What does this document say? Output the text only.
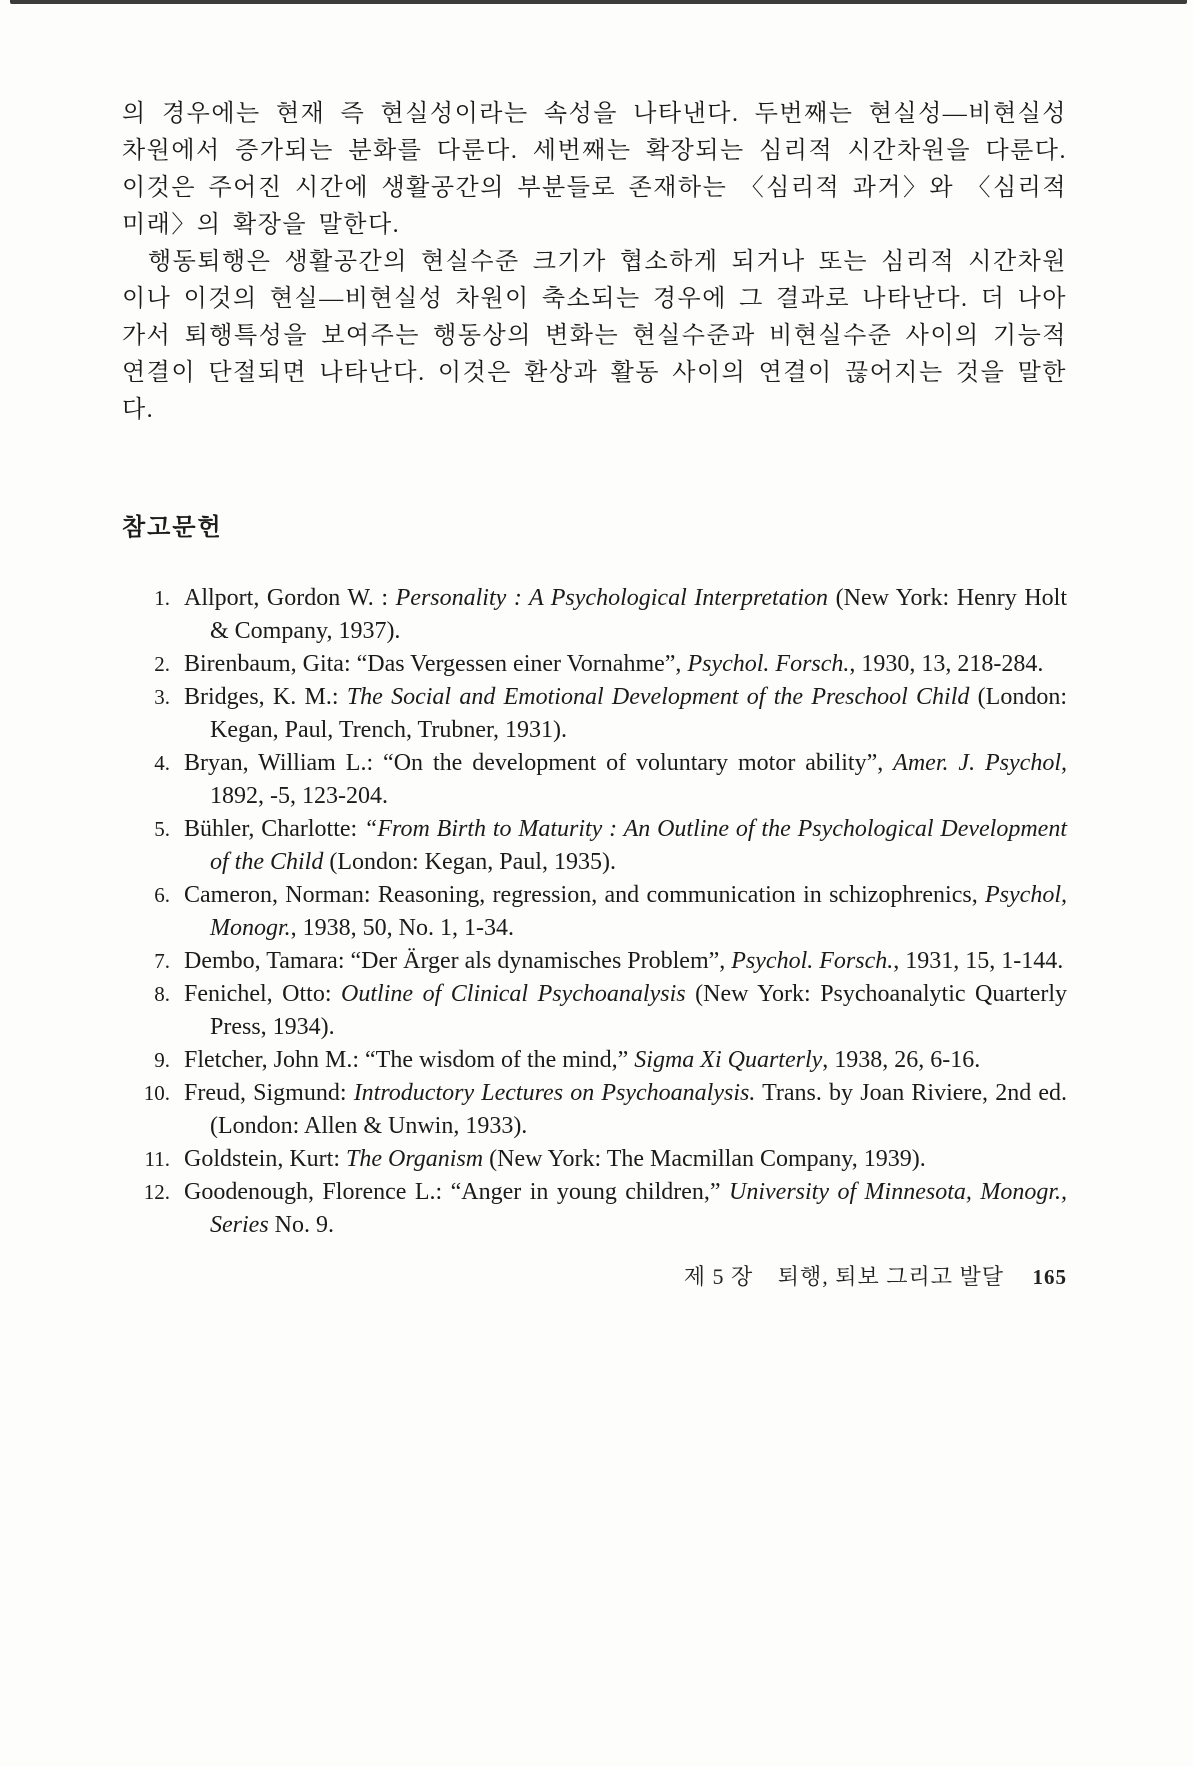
의 경우에는 현재 즉 현실성이라는 속성을 나타낸다. 두번째는 현실성—비현실성 차원에서 증가되는 분화를 다룬다. 세번째는 확장되는 심리적 시간차원을 다룬다. 이것은 주어진 시간에 생활공간의 부분들로 존재하는 〈심리적 과거〉와 〈심리적 미래〉의 확장을 말한다.

행동퇴행은 생활공간의 현실수준 크기가 협소하게 되거나 또는 심리적 시간차원이나 이것의 현실—비현실성 차원이 축소되는 경우에 그 결과로 나타난다. 더 나아가서 퇴행특성을 보여주는 행동상의 변화는 현실수준과 비현실수준 사이의 기능적 연결이 단절되면 나타난다. 이것은 환상과 활동 사이의 연결이 끊어지는 것을 말한다.

참고문헌
1. Allport, Gordon W. : Personality : A Psychological Interpretation (New York: Henry Holt & Company, 1937).
2. Birenbaum, Gita: “Das Vergessen einer Vornahme”, Psychol. Forsch., 1930, 13, 218-284.
3. Bridges, K. M.: The Social and Emotional Development of the Preschool Child (London: Kegan, Paul, Trench, Trubner, 1931).
4. Bryan, William L.: “On the development of voluntary motor ability”, Amer. J. Psychol, 1892, -5, 123-204.
5. Bühler, Charlotte: “From Birth to Maturity : An Outline of the Psychological Development of the Child (London: Kegan, Paul, 1935).
6. Cameron, Norman: Reasoning, regression, and communication in schizophrenics, Psychol, Monogr., 1938, 50, No. 1, 1-34.
7. Dembo, Tamara: “Der Ärger als dynamisches Problem”, Psychol. Forsch., 1931, 15, 1-144.
8. Fenichel, Otto: Outline of Clinical Psychoanalysis (New York: Psychoanalytic Quarterly Press, 1934).
9. Fletcher, John M.: “The wisdom of the mind,” Sigma Xi Quarterly, 1938, 26, 6-16.
10. Freud, Sigmund: Introductory Lectures on Psychoanalysis. Trans. by Joan Riviere, 2nd ed. (London: Allen & Unwin, 1933).
11. Goldstein, Kurt: The Organism (New York: The Macmillan Company, 1939).
12. Goodenough, Florence L.: “Anger in young children,” University of Minnesota, Monogr., Series No. 9.
제 5 장 퇴행, 퇴보 그리고 발달 165
